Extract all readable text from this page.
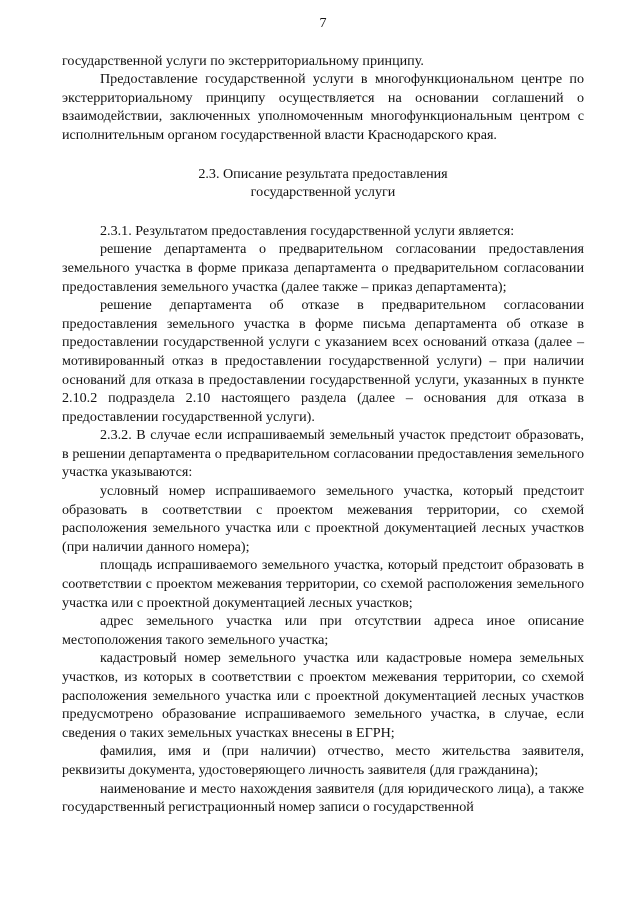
7

государственной услуги по экстерриториальному принципу.

Предоставление государственной услуги в многофункциональном центре по экстерриториальному принципу осуществляется на основании соглашений о взаимодействии, заключенных уполномоченным многофункциональным центром с исполнительным органом государственной власти Краснодарского края.

2.3. Описание результата предоставления
государственной услуги

2.3.1. Результатом предоставления государственной услуги является:

решение департамента о предварительном согласовании предоставления земельного участка в форме приказа департамента о предварительном согласовании предоставления земельного участка (далее также – приказ департамента);

решение департамента об отказе в предварительном согласовании предоставления земельного участка в форме письма департамента об отказе в предоставлении государственной услуги с указанием всех оснований отказа (далее – мотивированный отказ в предоставлении государственной услуги) – при наличии оснований для отказа в предоставлении государственной услуги, указанных в пункте 2.10.2 подраздела 2.10 настоящего раздела (далее – основания для отказа в предоставлении государственной услуги).

2.3.2. В случае если испрашиваемый земельный участок предстоит образовать, в решении департамента о предварительном согласовании предоставления земельного участка указываются:

условный номер испрашиваемого земельного участка, который предстоит образовать в соответствии с проектом межевания территории, со схемой расположения земельного участка или с проектной документацией лесных участков (при наличии данного номера);

площадь испрашиваемого земельного участка, который предстоит образовать в соответствии с проектом межевания территории, со схемой расположения земельного участка или с проектной документацией лесных участков;

адрес земельного участка или при отсутствии адреса иное описание местоположения такого земельного участка;

кадастровый номер земельного участка или кадастровые номера земельных участков, из которых в соответствии с проектом межевания территории, со схемой расположения земельного участка или с проектной документацией лесных участков предусмотрено образование испрашиваемого земельного участка, в случае, если сведения о таких земельных участках внесены в ЕГРН;

фамилия, имя и (при наличии) отчество, место жительства заявителя, реквизиты документа, удостоверяющего личность заявителя (для гражданина);

наименование и место нахождения заявителя (для юридического лица), а также государственный регистрационный номер записи о государственной
